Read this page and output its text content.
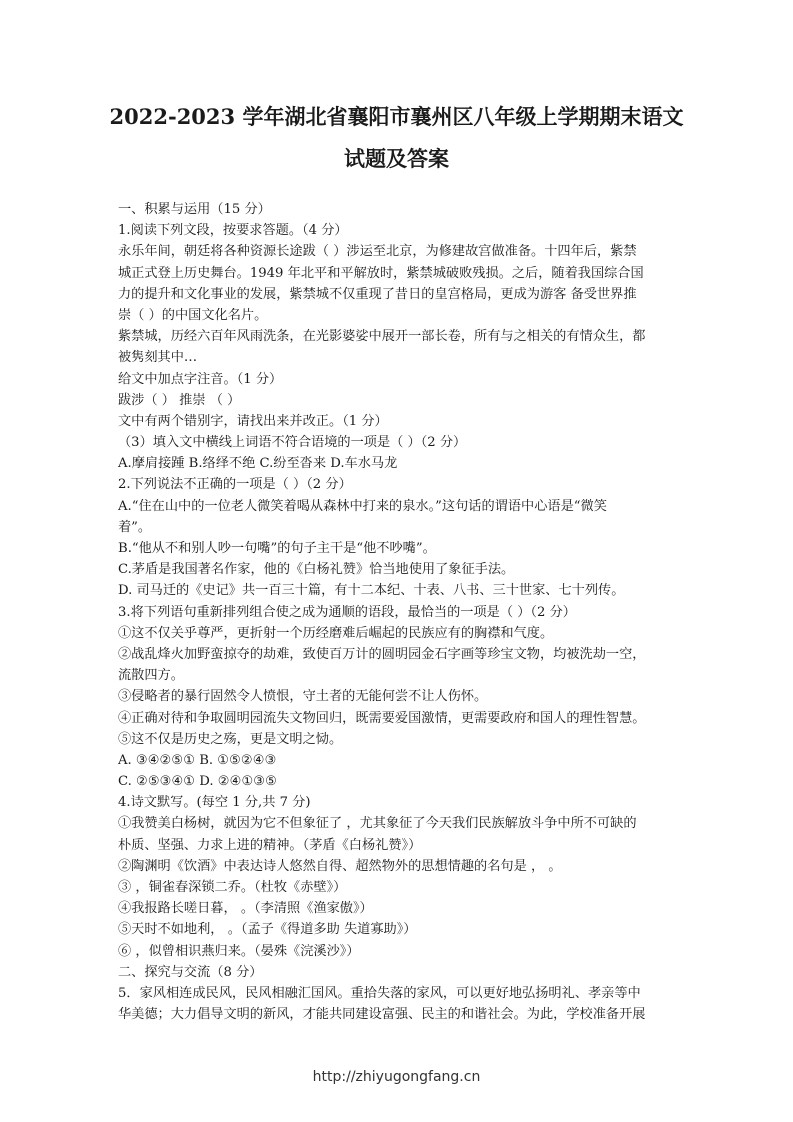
2022-2023 学年湖北省襄阳市襄州区八年级上学期期末语文
试题及答案
一、积累与运用（15 分）
1.阅读下列文段，按要求答题。（4 分）
永乐年间，朝廷将各种资源长途跋（ ）涉运至北京，为修建故宫做准备。十四年后，紫禁
城正式登上历史舞台。1949 年北平和平解放时，紫禁城破败残损。之后，随着我国综合国
力的提升和文化事业的发展，紫禁城不仅重现了昔日的皇宫格局，更成为游客 备受世界推
崇（ ）的中国文化名片。
紫禁城，历经六百年风雨洗条，在光影婆娑中展开一部长卷，所有与之相关的有情众生，都
被隽刻其中…
给文中加点字注音。（1 分）
跋涉（ ） 推崇 （ ）
文中有两个错别字，请找出来并改正。（1 分）
（3）填入文中横线上词语不符合语境的一项是（ ）（2 分）
A.摩肩接踵 B.络绎不绝 C.纷至沓来 D.车水马龙
2.下列说法不正确的一项是（ ）（2 分）
A.“住在山中的一位老人微笑着喝从森林中打来的泉水。”这句话的谓语中心语是“微笑
着”。
B.“他从不和别人吵一句嘴”的句子主干是“他不吵嘴”。
C.茅盾是我国著名作家，他的《白杨礼赞》恰当地使用了象征手法。
D. 司马迁的《史记》共一百三十篇，有十二本纪、十表、八书、三十世家、七十列传。
3.将下列语句重新排列组合使之成为通顺的语段，最恰当的一项是（ ）（2 分）
①这不仅关乎尊严，更折射一个历经磨难后崛起的民族应有的胸襟和气度。
②战乱烽火加野蛮掠夺的劫难，致使百万计的圆明园金石字画等珍宝文物，均被洗劫一空，
流散四方。
③侵略者的暴行固然令人愤恨，守土者的无能何尝不让人伤怀。
④正确对待和争取圆明园流失文物回归，既需要爱国激情，更需要政府和国人的理性智慧。
⑤这不仅是历史之殇，更是文明之恸。
A. ③④②⑤① B. ①⑤②④③
C. ②⑤③④① D. ②④①③⑤
4.诗文默写。(每空 1 分,共 7 分)
①我赞美白杨树，就因为它不但象征了 ，尤其象征了今天我们民族解放斗争中所不可缺的
朴质、坚强、力求上进的精神。（茅盾《白杨礼赞》）
②陶渊明《饮酒》中表达诗人悠然自得、超然物外的思想情趣的名句是 ， 。
③ ，铜雀春深锁二乔。（杜牧《赤壁》）
④我报路长嗟日暮， 。（李清照《渔家傲》）
⑤天时不如地利， 。（孟子《得道多助 失道寡助》）
⑥ ，似曾相识燕归来。（晏殊《浣溪沙》）
二、探究与交流（8 分）
5．家风相连成民风，民风相融汇国风。重拾失落的家风，可以更好地弘扬明礼、孝亲等中
华美德；大力倡导文明的新风，才能共同建设富强、民主的和谐社会。为此，学校准备开展
http://zhiyugongfang.cn
